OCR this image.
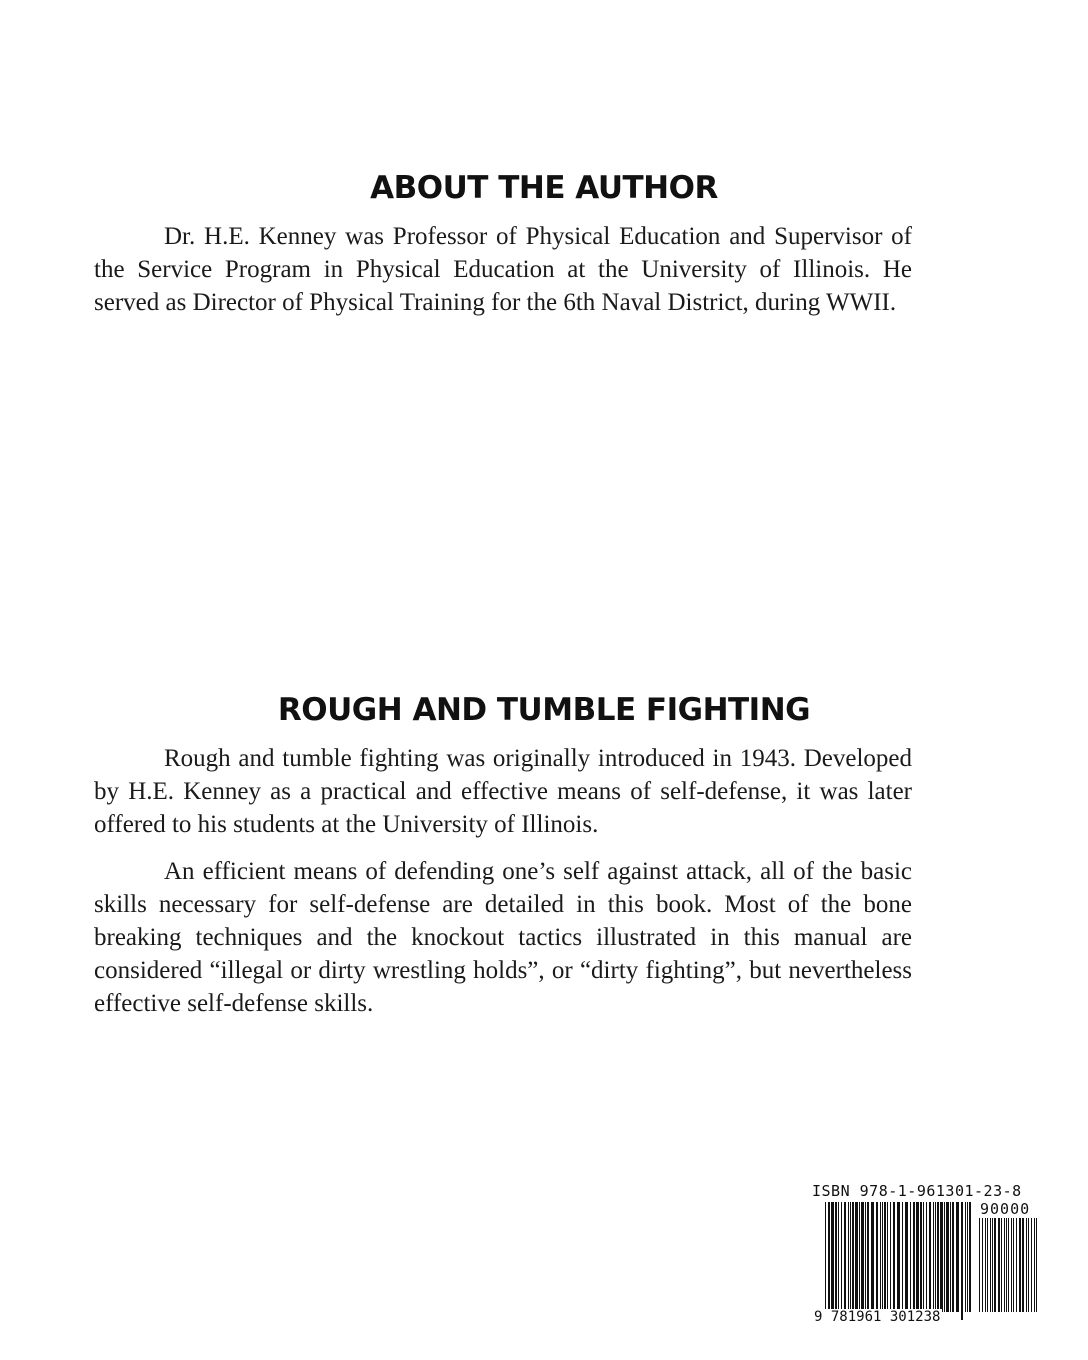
ABOUT THE AUTHOR

Dr. H.E. Kenney was Professor of Physical Education and Supervisor of the Service Program in Physical Education at the University of Illinois. He served as Director of Physical Training for the 6th Naval District, during WWII.

ROUGH AND TUMBLE FIGHTING

Rough and tumble fighting was originally introduced in 1943. Developed by H.E. Kenney as a practical and effective means of self-defense, it was later offered to his students at the University of Illinois.

An efficient means of defending one’s self against attack, all of the basic skills necessary for self-defense are detailed in this book. Most of the bone breaking techniques and the knockout tactics illustrated in this manual are considered “illegal or dirty wrestling holds”, or “dirty fighting”, but nevertheless effective self-defense skills.

ISBN 978-1-961301-23-8
90000
9 781961 301238
